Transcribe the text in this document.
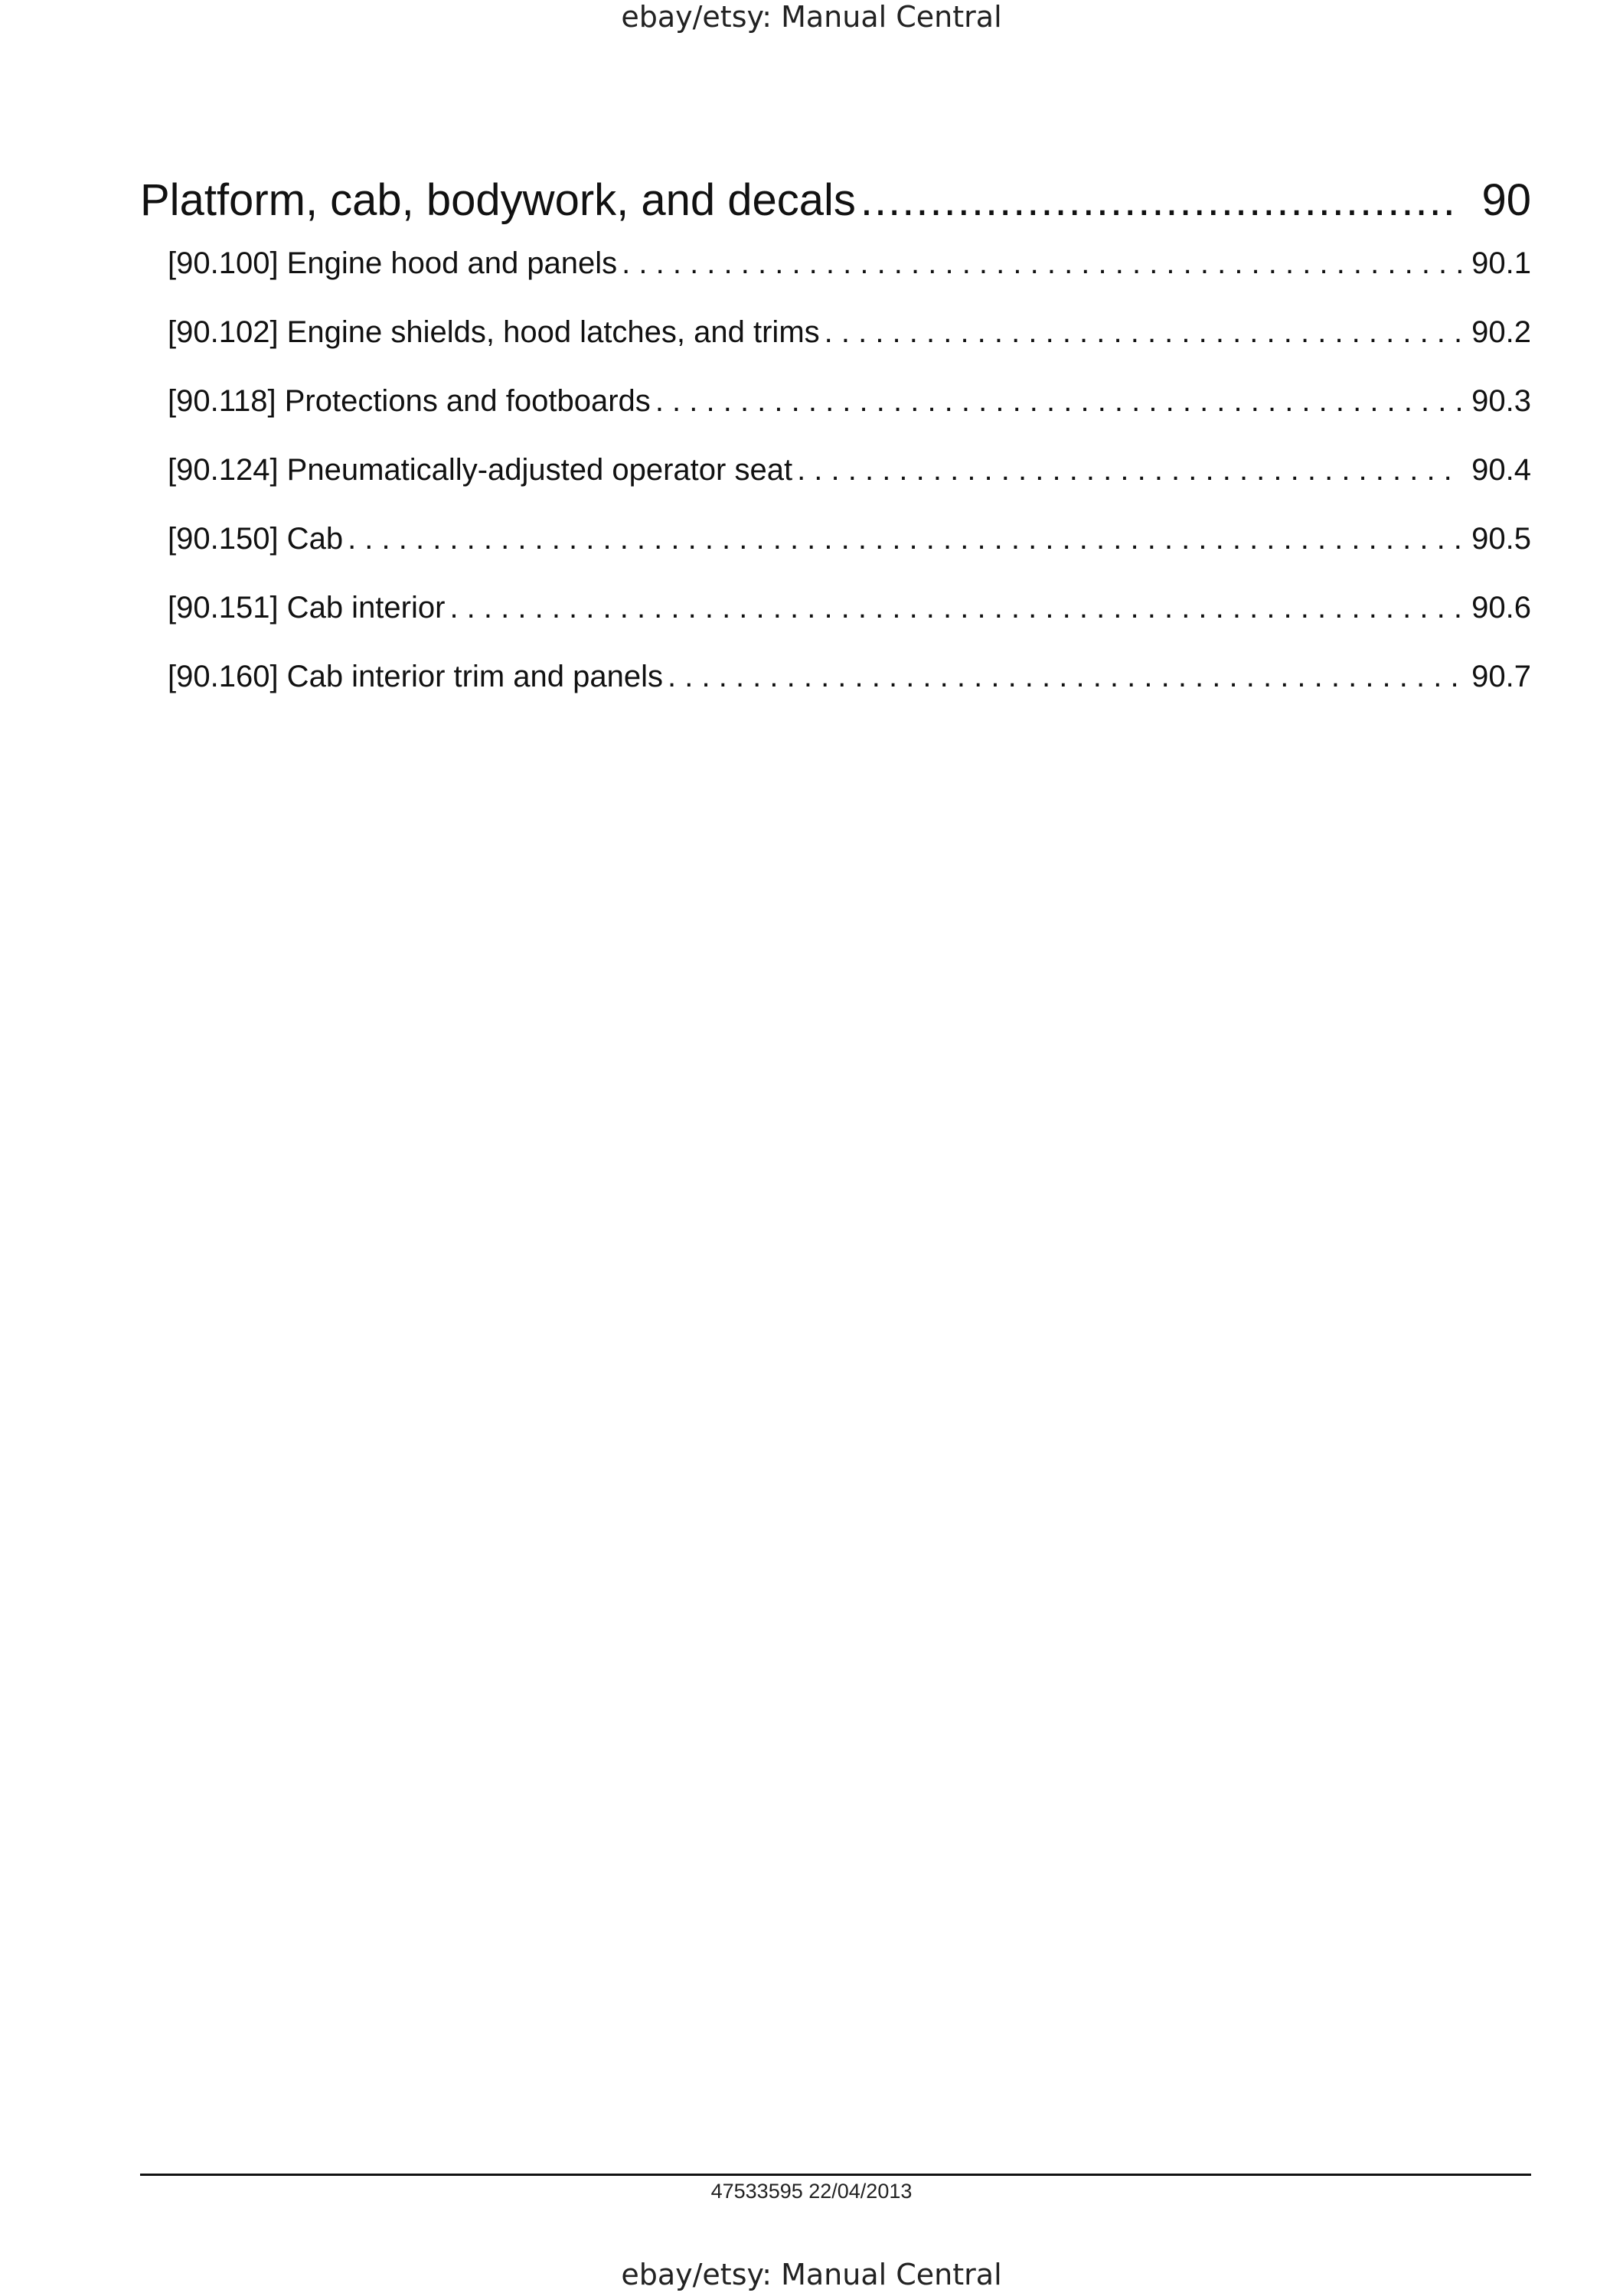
ebay/etsy: Manual Central
Platform, cab, bodywork, and decals .....	90
[90.100] Engine hood and panels . . .	90.1
[90.102] Engine shields, hood latches, and trims . . .	90.2
[90.118] Protections and footboards . . .	90.3
[90.124] Pneumatically-adjusted operator seat . . .	90.4
[90.150] Cab . . .	90.5
[90.151] Cab interior . . .	90.6
[90.160] Cab interior trim and panels . . .	90.7
47533595 22/04/2013
ebay/etsy: Manual Central
